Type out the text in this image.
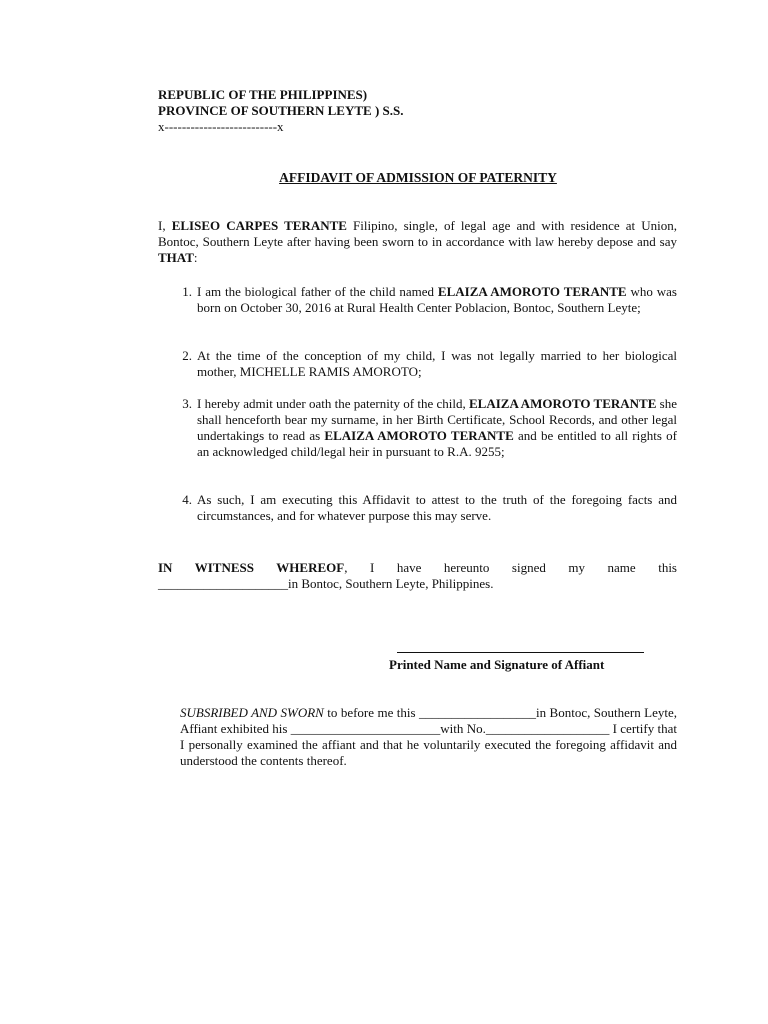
REPUBLIC OF THE PHILIPPINES)
PROVINCE OF SOUTHERN LEYTE ) S.S.
x--------------------------x
AFFIDAVIT OF ADMISSION OF PATERNITY
I, ELISEO CARPES TERANTE Filipino, single, of legal age and with residence at Union, Bontoc, Southern Leyte after having been sworn to in accordance with law hereby depose and say THAT:
1. I am the biological father of the child named ELAIZA AMOROTO TERANTE who was born on October 30, 2016 at Rural Health Center Poblacion, Bontoc, Southern Leyte;
2. At the time of the conception of my child, I was not legally married to her biological mother, MICHELLE RAMIS AMOROTO;
3. I hereby admit under oath the paternity of the child, ELAIZA AMOROTO TERANTE she shall henceforth bear my surname, in her Birth Certificate, School Records, and other legal undertakings to read as ELAIZA AMOROTO TERANTE and be entitled to all rights of an acknowledged child/legal heir in pursuant to R.A. 9255;
4. As such, I am executing this Affidavit to attest to the truth of the foregoing facts and circumstances, and for whatever purpose this may serve.
IN WITNESS WHEREOF, I have hereunto signed my name this
____________________in Bontoc, Southern Leyte, Philippines.
Printed Name and Signature of Affiant
SUBSRIBED AND SWORN to before me this __________________in Bontoc, Southern Leyte, Affiant exhibited his _______________________with No.___________________ I certify that I personally examined the affiant and that he voluntarily executed the foregoing affidavit and understood the contents thereof.
